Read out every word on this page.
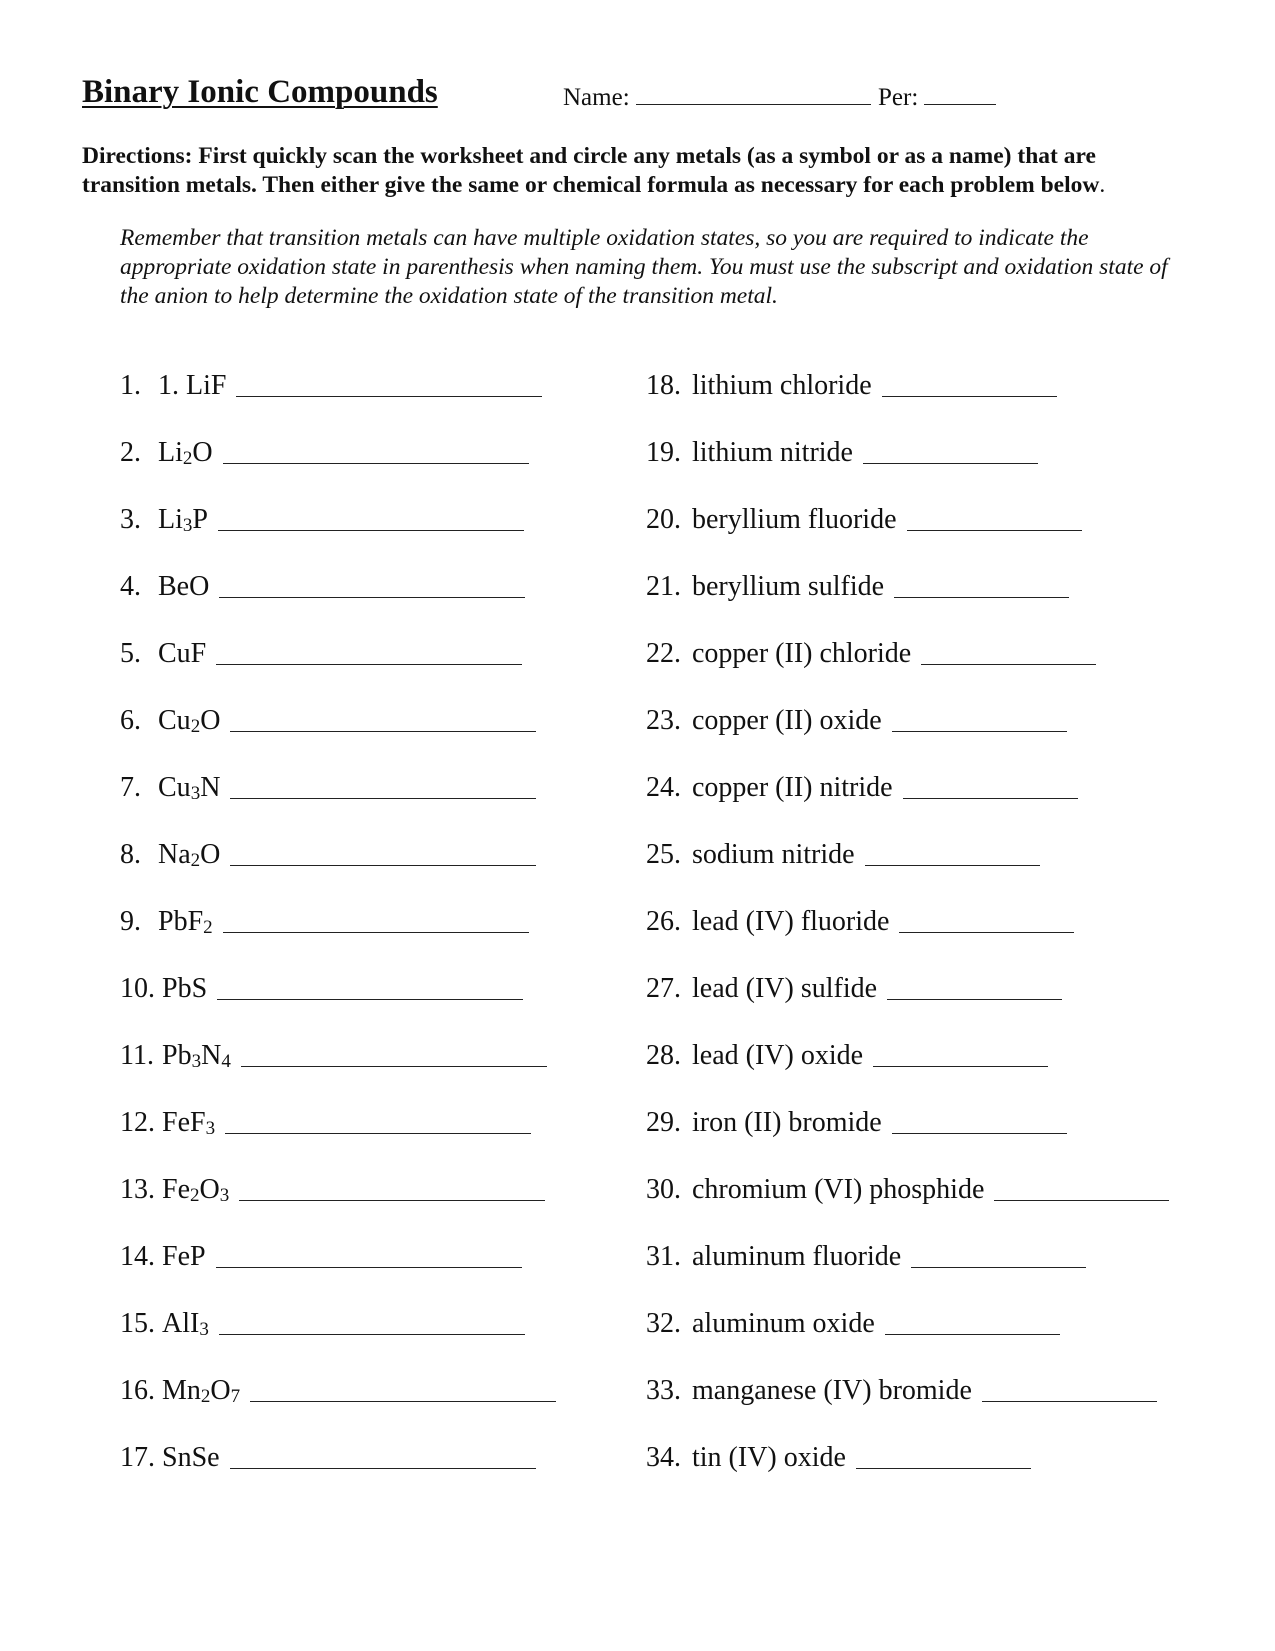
Binary Ionic Compounds	Name:	Per:
Directions: First quickly scan the worksheet and circle any metals (as a symbol or as a name) that are transition metals. Then either give the same or chemical formula as necessary for each problem below.
Remember that transition metals can have multiple oxidation states, so you are required to indicate the appropriate oxidation state in parenthesis when naming them. You must use the subscript and oxidation state of the anion to help determine the oxidation state of the transition metal.
1. 1. LiF
2. $Li_2O$
3. $Li_3P$
4. BeO
5. CuF
6. $Cu_2O$
7. $Cu_3N$
8. $Na_2O$
9. PbF$_2$
10. PbS
11. $Pb_3N_4$
12. FeF$_3$
13. $Fe_2O_3$
14. FeP
15. AlI$_3$
16. $Mn_2O_7$
17. SnSe
18. lithium chloride
19. lithium nitride
20. beryllium fluoride
21. beryllium sulfide
22. copper (II) chloride
23. copper (II) oxide
24. copper (II) nitride
25. sodium nitride
26. lead (IV) fluoride
27. lead (IV) sulfide
28. lead (IV) oxide
29. iron (II) bromide
30. chromium (VI) phosphide
31. aluminum fluoride
32. aluminum oxide
33. manganese (IV) bromide
34. tin (IV) oxide
